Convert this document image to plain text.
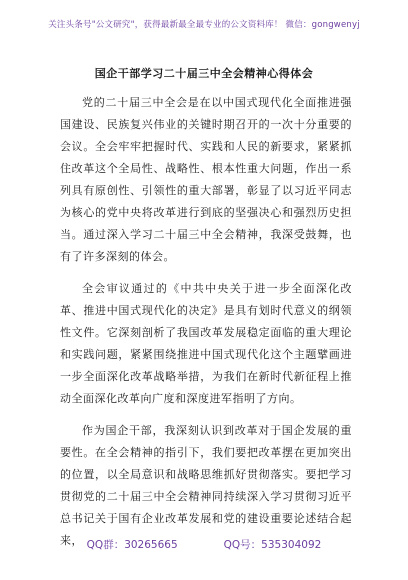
关注头条号"公文研究"，获得最新最全最专业的公文资料库！ 微信：gongwenyj
国企干部学习二十届三中全会精神心得体会

党的二十届三中全会是在以中国式现代化全面推进强国建设、民族复兴伟业的关键时期召开的一次十分重要的会议。全会牢牢把握时代、实践和人民的新要求，紧紧抓住改革这个全局性、战略性、根本性重大问题，作出一系列具有原创性、引领性的重大部署，彰显了以习近平同志为核心的党中央将改革进行到底的坚强决心和强烈历史担当。通过深入学习二十届三中全会精神，我深受鼓舞，也有了许多深刻的体会。

全会审议通过的《中共中央关于进一步全面深化改革、推进中国式现代化的决定》是具有划时代意义的纲领性文件。它深刻剖析了我国改革发展稳定面临的重大理论和实践问题，紧紧围绕推进中国式现代化这个主题擘画进一步全面深化改革战略举措，为我们在新时代新征程上推动全面深化改革向广度和深度进军指明了方向。

作为国企干部，我深刻认识到改革对于国企发展的重要性。在全会精神的指引下，我们要把改革摆在更加突出的位置，以全局意识和战略思维抓好贯彻落实。要把学习贯彻党的二十届三中全会精神同持续深入学习贯彻习近平总书记关于国有企业改革发展和党的建设重要论述结合起来， QQ群：30265665	QQ号：535304092
